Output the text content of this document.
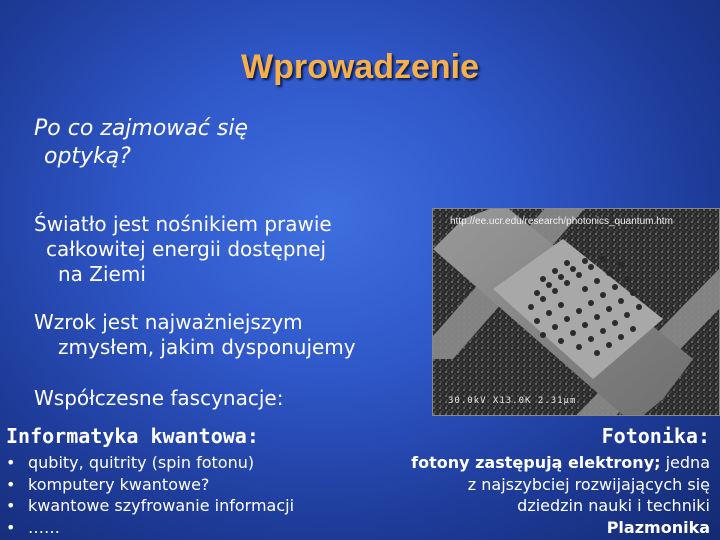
Wprowadzenie
Po co zajmować się
optyką?
Światło jest nośnikiem prawie
całkowitej energii dostępnej
na Ziemi
Wzrok jest najważniejszym
zmysłem, jakim dysponujemy
Współczesne fascynacje:
http://ee.ucr.edu/research/photonics_quantum.htm
30.0kV X13.0K 2.31µm
Informatyka kwantowa:
• qubity, quitrity (spin fotonu)
• komputery kwantowe?
• kwantowe szyfrowanie informacji
• ……
Fotonika:
fotony zastępują elektrony; jedna
z najszybciej rozwijających się
dziedzin nauki i techniki
Plazmonika
